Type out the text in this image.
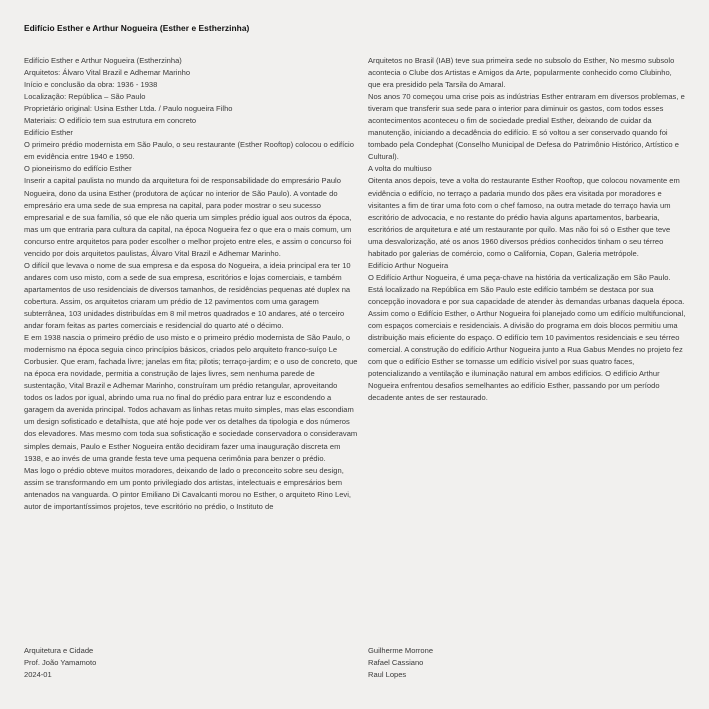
Edifício Esther e Arthur Nogueira (Esther e Estherzinha)
Edifício Esther e Arthur Nogueira (Estherzinha)
Arquitetos: Álvaro Vital Brazil e Adhemar Marinho
Início e conclusão da obra: 1936 - 1938
Localização: República – São Paulo
Proprietário original: Usina Esther Ltda. / Paulo nogueira Filho
Materiais: O edifício tem sua estrutura em concreto
Edifício Esther
O primeiro prédio modernista em São Paulo, o seu restaurante (Esther Rooftop) colocou o edifício em evidência entre 1940 e 1950.
O pioneirismo do edifício Esther
Inserir a capital paulista no mundo da arquitetura foi de responsabilidade do empresário Paulo Nogueira, dono da usina Esther (produtora de açúcar no interior de São Paulo). A vontade do empresário era uma sede de sua empresa na capital, para poder mostrar o seu sucesso empresarial e de sua família, só que ele não queria um simples prédio igual aos outros da época, mas um que entraria para cultura da capital, na época Nogueira fez o que era o mais comum, um concurso entre arquitetos para poder escolher o melhor projeto entre eles, e assim o concurso foi vencido por dois arquitetos paulistas, Álvaro Vital Brazil e Adhemar Marinho.
O difícil que levava o nome de sua empresa e da esposa do Nogueira, a ideia principal era ter 10 andares com uso misto, com a sede de sua empresa, escritórios e lojas comerciais, e também apartamentos de uso residenciais de diversos tamanhos, de residências pequenas até duplex na cobertura. Assim, os arquitetos criaram um prédio de 12 pavimentos com uma garagem subterrânea, 103 unidades distribuídas em 8 mil metros quadrados e 10 andares, até o terceiro andar foram feitas as partes comerciais e residencial do quarto até o décimo.
E em 1938 nascia o primeiro prédio de uso misto e o primeiro prédio modernista de São Paulo, o modernismo na época seguia cinco princípios básicos, criados pelo arquiteto franco-suíço Le Corbusier. Que eram, fachada livre; janelas em fita; pilotis; terraço-jardim; e o uso de concreto, que na época era novidade, permitia a construção de lajes livres, sem nenhuma parede de sustentação, Vital Brazil e Adhemar Marinho, construíram um prédio retangular, aproveitando todos os lados por igual, abrindo uma rua no final do prédio para entrar luz e escondendo a garagem da avenida principal. Todos achavam as linhas retas muito simples, mas elas escondiam um design sofisticado e detalhista, que até hoje pode ver os detalhes da tipologia e dos números dos elevadores. Mas mesmo com toda sua sofisticação e sociedade conservadora o consideravam simples demais, Paulo e Esther Nogueira então decidiram fazer uma inauguração discreta em 1938, e ao invés de uma grande festa teve uma pequena cerimônia para benzer o prédio.
Mas logo o prédio obteve muitos moradores, deixando de lado o preconceito sobre seu design, assim se transformando em um ponto privilegiado dos artistas, intelectuais e empresários bem antenados na vanguarda. O pintor Emiliano Di Cavalcanti morou no Esther, o arquiteto Rino Levi, autor de importantíssimos projetos, teve escritório no prédio, o Instituto de
Arquitetos no Brasil (IAB) teve sua primeira sede no subsolo do Esther, No mesmo subsolo acontecia o Clube dos Artistas e Amigos da Arte, popularmente conhecido como Clubinho, que era presidido pela Tarsila do Amaral.
Nos anos 70 começou uma crise pois as indústrias Esther entraram em diversos problemas, e tiveram que transferir sua sede para o interior para diminuir os gastos, com todos esses acontecimentos aconteceu o fim de sociedade predial Esther, deixando de cuidar da manutenção, iniciando a decadência do edifício. E só voltou a ser conservado quando foi tombado pela Condephat (Conselho Municipal de Defesa do Patrimônio Histórico, Artístico e Cultural).
A volta do multiuso
Oitenta anos depois, teve a volta do restaurante Esther Rooftop, que colocou novamente em evidência o edifício, no terraço a padaria mundo dos pães era visitada por moradores e visitantes a fim de tirar uma foto com o chef famoso, na outra metade do terraço havia um escritório de advocacia, e no restante do prédio havia alguns apartamentos, barbearia, escritórios de arquitetura e até um restaurante por quilo. Mas não foi só o Esther que teve uma desvalorização, até os anos 1960 diversos prédios conhecidos tinham o seu térreo habitado por galerias de comércio, como o California, Copan, Galeria metrópole.
Edifício Arthur Nogueira
O Edifício Arthur Nogueira, é uma peça-chave na história da verticalização em São Paulo. Está localizado na República em São Paulo este edifício também se destaca por sua concepção inovadora e por sua capacidade de atender às demandas urbanas daquela época. Assim como o Edifício Esther, o Arthur Nogueira foi planejado como um edifício multifuncional, com espaços comerciais e residenciais. A divisão do programa em dois blocos permitiu uma distribuição mais eficiente do espaço. O edifício tem 10 pavimentos residenciais e seu térreo comercial. A construção do edifício Arthur Nogueira junto a Rua Gabus Mendes no projeto fez com que o edifício Esther se tornasse um edifício visível por suas quatro faces, potencializando a ventilação e iluminação natural em ambos edifícios. O edifício Arthur Nogueira enfrentou desafios semelhantes ao edifício Esther, passando por um período decadente antes de ser restaurado.
Arquitetura e Cidade
Prof. João Yamamoto
2024-01
Guilherme Morrone
Rafael Cassiano
Raul Lopes
